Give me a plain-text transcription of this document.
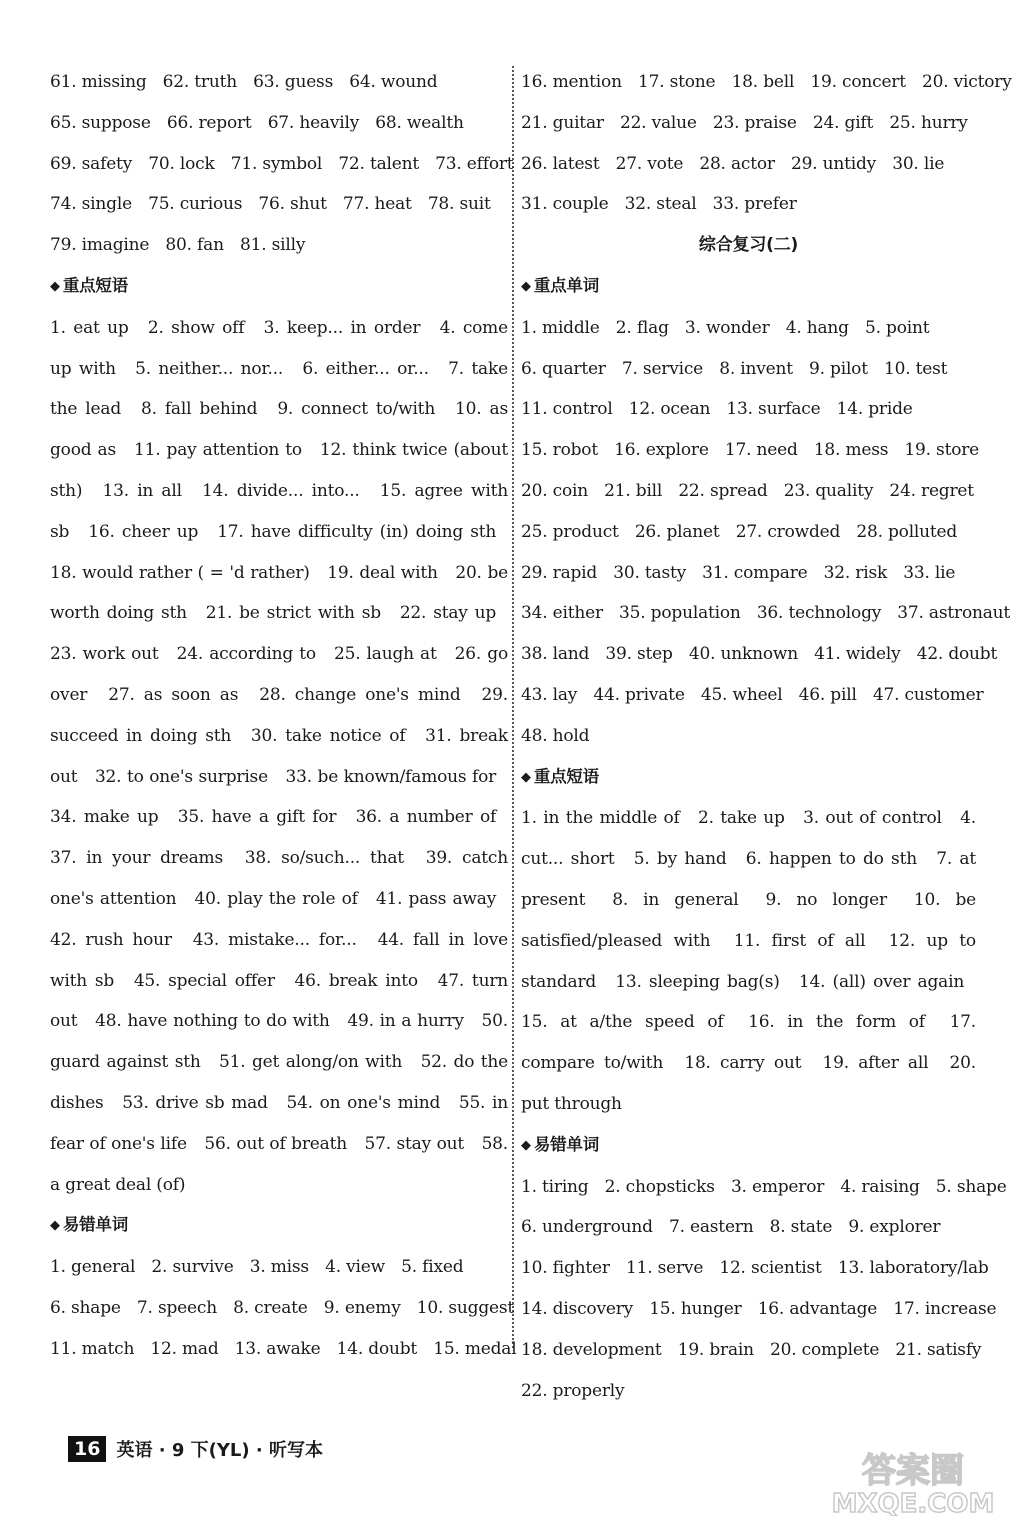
61. missing 62. truth 63. guess 64. wound
65. suppose 66. report 67. heavily 68. wealth
69. safety 70. lock 71. symbol 72. talent 73. effort
74. single 75. curious 76. shut 77. heat 78. suit
79. imagine 80. fan 81. silly
◆ 重点短语
1. eat up 2. show off 3. keep... in order 4. come up with 5. neither... nor... 6. either... or... 7. take the lead 8. fall behind 9. connect to/with 10. as good as 11. pay attention to 12. think twice (about sth) 13. in all 14. divide... into... 15. agree with sb 16. cheer up 17. have difficulty (in) doing sth 18. would rather ( = 'd rather) 19. deal with 20. be worth doing sth 21. be strict with sb 22. stay up 23. work out 24. according to 25. laugh at 26. go over 27. as soon as 28. change one's mind 29. succeed in doing sth 30. take notice of 31. break out 32. to one's surprise 33. be known/famous for 34. make up 35. have a gift for 36. a number of 37. in your dreams 38. so/such... that 39. catch one's attention 40. play the role of 41. pass away 42. rush hour 43. mistake... for... 44. fall in love with sb 45. special offer 46. break into 47. turn out 48. have nothing to do with 49. in a hurry 50. guard against sth 51. get along/on with 52. do the dishes 53. drive sb mad 54. on one's mind 55. in fear of one's life 56. out of breath 57. stay out 58. a great deal (of)
◆ 易错单词
1. general 2. survive 3. miss 4. view 5. fixed
6. shape 7. speech 8. create 9. enemy 10. suggest
11. match 12. mad 13. awake 14. doubt 15. medal
16. mention 17. stone 18. bell 19. concert 20. victory
21. guitar 22. value 23. praise 24. gift 25. hurry
26. latest 27. vote 28. actor 29. untidy 30. lie
31. couple 32. steal 33. prefer
综合复习(二)
◆ 重点单词
1. middle 2. flag 3. wonder 4. hang 5. point
6. quarter 7. service 8. invent 9. pilot 10. test
11. control 12. ocean 13. surface 14. pride
15. robot 16. explore 17. need 18. mess 19. store
20. coin 21. bill 22. spread 23. quality 24. regret
25. product 26. planet 27. crowded 28. polluted
29. rapid 30. tasty 31. compare 32. risk 33. lie
34. either 35. population 36. technology 37. astronaut
38. land 39. step 40. unknown 41. widely 42. doubt
43. lay 44. private 45. wheel 46. pill 47. customer
48. hold
◆ 重点短语
1. in the middle of 2. take up 3. out of control 4. cut... short 5. by hand 6. happen to do sth 7. at present 8. in general 9. no longer 10. be satisfied/pleased with 11. first of all 12. up to standard 13. sleeping bag(s) 14. (all) over again 15. at a/the speed of 16. in the form of 17. compare to/with 18. carry out 19. after all 20. put through
◆ 易错单词
1. tiring 2. chopsticks 3. emperor 4. raising 5. shape
6. underground 7. eastern 8. state 9. explorer
10. fighter 11. serve 12. scientist 13. laboratory/lab
14. discovery 15. hunger 16. advantage 17. increase
18. development 19. brain 20. complete 21. satisfy
22. properly
16 英语 · 9 下(YL) · 听写本
答案圈
MXQE.COM
